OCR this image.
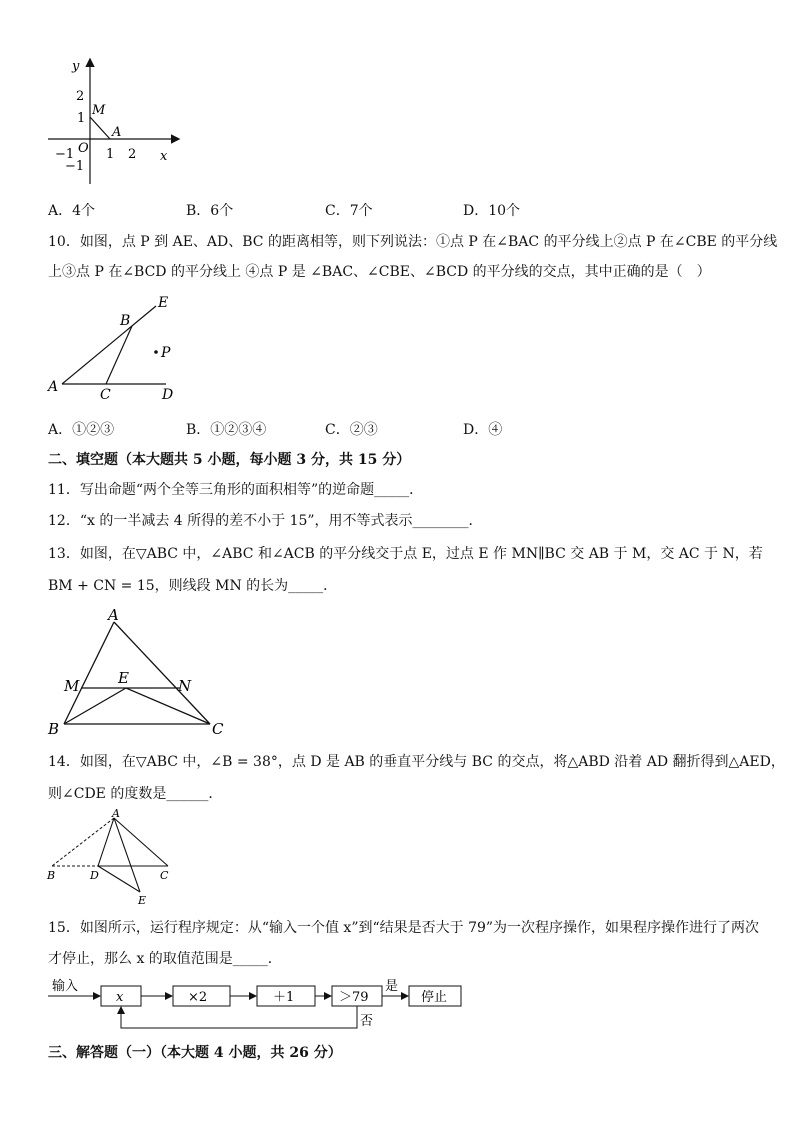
y
x
2
1
M
A
O
−1
−1
1 2
A．4个	B．6个	C．7个	D．10个
10．如图，点 P 到 AE、AD、BC 的距离相等，则下列说法：①点 P 在∠BAC 的平分线上②点 P 在∠CBE 的平分线
上③点 P 在∠BCD 的平分线上 ④点 P 是 ∠BAC、∠CBE、∠BCD 的平分线的交点，其中正确的是（　）
E
B
P
A	C	D
A．①②③	B．①②③④	C．②③	D．④
二、填空题（本大题共 5 小题，每小题 3 分，共 15 分）
11．写出命题“两个全等三角形的面积相等”的逆命题_____．
12．“x 的一半减去 4 所得的差不小于 15”，用不等式表示________．
13．如图，在▽ABC 中，∠ABC 和∠ACB 的平分线交于点 E，过点 E 作 MN∥BC 交 AB 于 M，交 AC 于 N，若
BM + CN = 15，则线段 MN 的长为_____．
A
M	E	N
B	C
14．如图，在▽ABC 中，∠B = 38°，点 D 是 AB 的垂直平分线与 BC 的交点，将△ABD 沿着 AD 翻折得到△AED，
则∠CDE 的度数是______．
A
B	D	C
E
15．如图所示，运行程序规定：从“输入一个值 x”到“结果是否大于 79”为一次程序操作，如果程序操作进行了两次
才停止，那么 x 的取值范围是_____．
输入
x	×2	＋1	＞79
是
停止
否
三、解答题（一）（本大题 4 小题，共 26 分）
